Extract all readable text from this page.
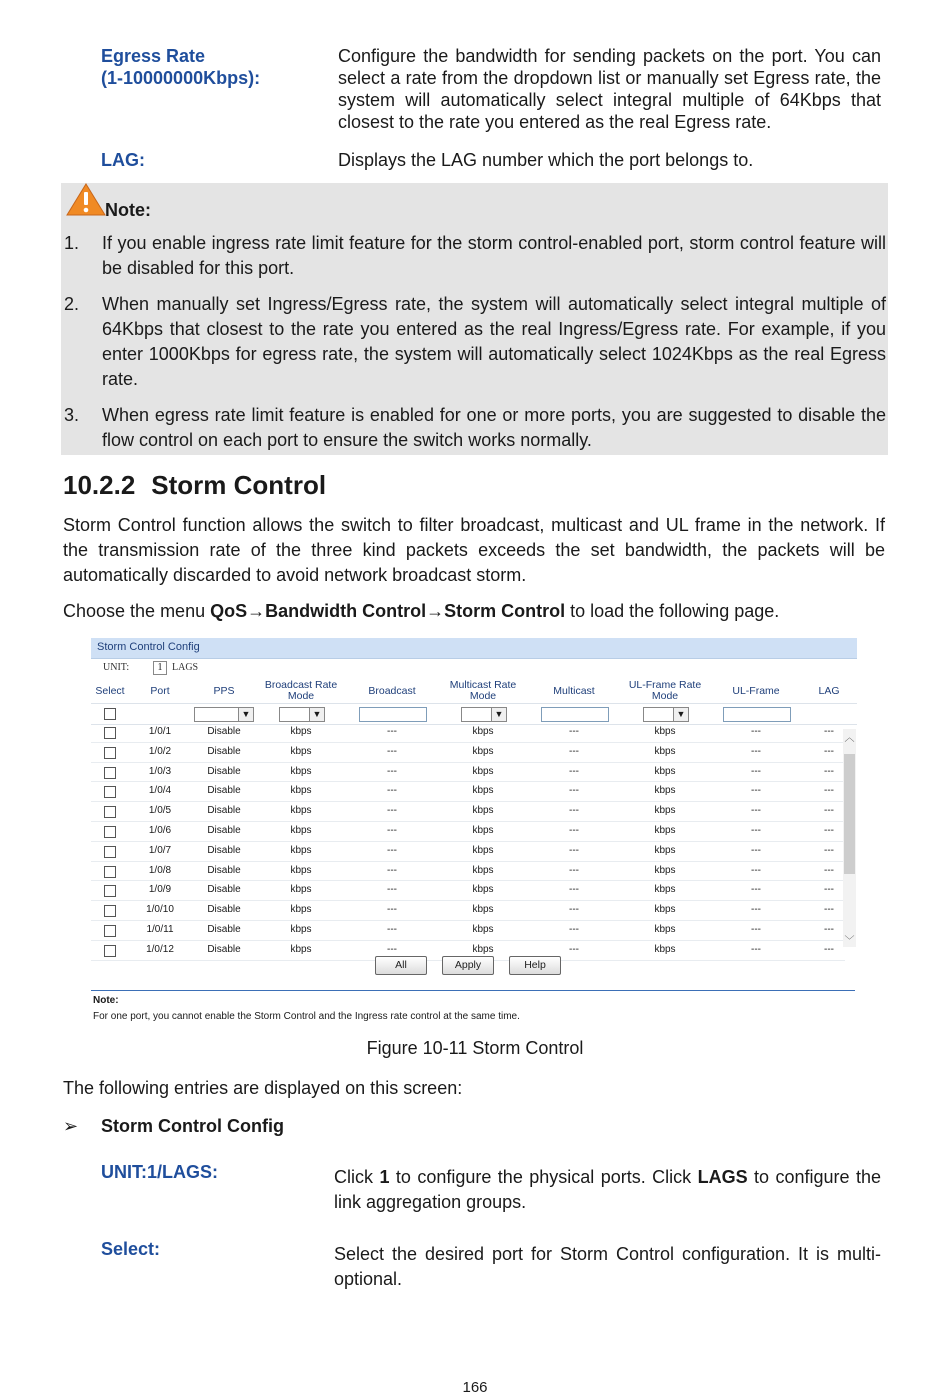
Egress Rate
(1-10000000Kbps):
Configure the bandwidth for sending packets on the port. You can select a rate from the dropdown list or manually set Egress rate, the system will automatically select integral multiple of 64Kbps that closest to the rate you entered as the real Egress rate.
LAG:	Displays the LAG number which the port belongs to.
Note:
1. If you enable ingress rate limit feature for the storm control-enabled port, storm control feature will be disabled for this port.
2. When manually set Ingress/Egress rate, the system will automatically select integral multiple of 64Kbps that closest to the rate you entered as the real Ingress/Egress rate. For example, if you enter 1000Kbps for egress rate, the system will automatically select 1024Kbps as the real Egress rate.
3. When egress rate limit feature is enabled for one or more ports, you are suggested to disable the flow control on each port to ensure the switch works normally.
10.2.2 Storm Control
Storm Control function allows the switch to filter broadcast, multicast and UL frame in the network. If the transmission rate of the three kind packets exceeds the set bandwidth, the packets will be automatically discarded to avoid network broadcast storm.
Choose the menu QoS→Bandwidth Control→Storm Control to load the following page.
Storm Control Config
UNIT:	1 LAGS
Select	Port	PPS	Broadcast Rate Mode	Broadcast	Multicast Rate Mode	Multicast	UL-Frame Rate Mode	UL-Frame	LAG
▼	▼	▼	▼
1/0/1	Disable	kbps	---	kbps	---	kbps	---	---
1/0/2	Disable	kbps	---	kbps	---	kbps	---	---
1/0/3	Disable	kbps	---	kbps	---	kbps	---	---
1/0/4	Disable	kbps	---	kbps	---	kbps	---	---
1/0/5	Disable	kbps	---	kbps	---	kbps	---	---
1/0/6	Disable	kbps	---	kbps	---	kbps	---	---
1/0/7	Disable	kbps	---	kbps	---	kbps	---	---
1/0/8	Disable	kbps	---	kbps	---	kbps	---	---
1/0/9	Disable	kbps	---	kbps	---	kbps	---	---
1/0/10	Disable	kbps	---	kbps	---	kbps	---	---
1/0/11	Disable	kbps	---	kbps	---	kbps	---	---
1/0/12	Disable	kbps	---	kbps	---	kbps	---	---
︿
﹀
All	Apply	Help
Note:
For one port, you cannot enable the Storm Control and the Ingress rate control at the same time.
Figure 10-11 Storm Control
The following entries are displayed on this screen:
➢ Storm Control Config
UNIT:1/LAGS:	Click 1 to configure the physical ports. Click LAGS to configure the link aggregation groups.
Select:	Select the desired port for Storm Control configuration. It is multi-optional.
166
